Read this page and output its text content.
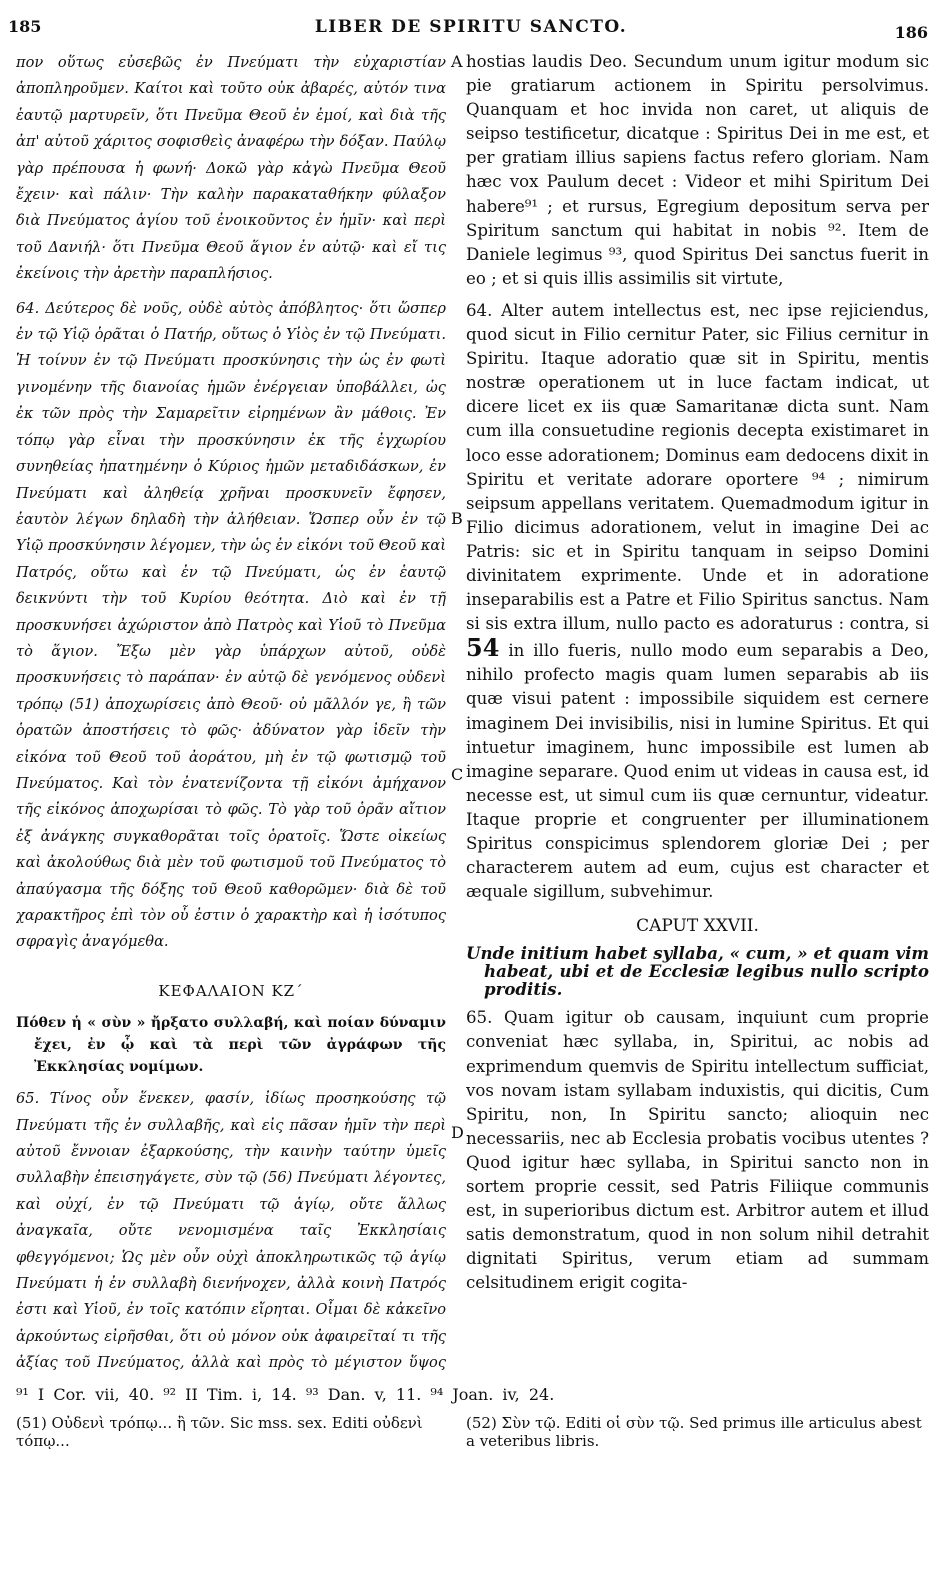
185	LIBER DE SPIRITU SANCTO.	186
A
B
C
D

πον οὕτως εὐσεβῶς ἐν Πνεύματι τὴν εὐχαριστίαν ἀποπληροῦμεν. Καίτοι καὶ τοῦτο οὐκ ἀβαρές, αὐτόν τινα ἑαυτῷ μαρτυρεῖν, ὅτι Πνεῦμα Θεοῦ ἐν ἐμοί, καὶ διὰ τῆς ἀπ' αὐτοῦ χάριτος σοφισθεὶς ἀναφέρω τὴν δόξαν. Παύλῳ γὰρ πρέπουσα ἡ φωνή· Δοκῶ γὰρ κἀγὼ Πνεῦμα Θεοῦ ἔχειν· καὶ πάλιν· Τὴν καλὴν παρακαταθήκην φύλαξον διὰ Πνεύματος ἁγίου τοῦ ἐνοικοῦντος ἐν ἡμῖν· καὶ περὶ τοῦ Δανιήλ· ὅτι Πνεῦμα Θεοῦ ἅγιον ἐν αὐτῷ· καὶ εἴ τις ἐκείνοις τὴν ἀρετὴν παραπλήσιος.

64. Δεύτερος δὲ νοῦς, οὐδὲ αὐτὸς ἀπόβλητος· ὅτι ὥσπερ ἐν τῷ Υἱῷ ὁρᾶται ὁ Πατήρ, οὕτως ὁ Υἱὸς ἐν τῷ Πνεύματι. Ἡ τοίνυν ἐν τῷ Πνεύματι προσκύνησις τὴν ὡς ἐν φωτὶ γινομένην τῆς διανοίας ἡμῶν ἐνέργειαν ὑποβάλλει, ὡς ἐκ τῶν πρὸς τὴν Σαμαρεῖτιν εἰρημένων ἂν μάθοις. Ἐν τόπῳ γὰρ εἶναι τὴν προσκύνησιν ἐκ τῆς ἐγχωρίου συνηθείας ἠπατημένην ὁ Κύριος ἡμῶν μεταδιδάσκων, ἐν Πνεύματι καὶ ἀληθείᾳ χρῆναι προσκυνεῖν ἔφησεν, ἑαυτὸν λέγων δηλαδὴ τὴν ἀλήθειαν. Ὥσπερ οὖν ἐν τῷ Υἱῷ προσκύνησιν λέγομεν, τὴν ὡς ἐν εἰκόνι τοῦ Θεοῦ καὶ Πατρός, οὕτω καὶ ἐν τῷ Πνεύματι, ὡς ἐν ἑαυτῷ δεικνύντι τὴν τοῦ Κυρίου θεότητα. Διὸ καὶ ἐν τῇ προσκυνήσει ἀχώριστον ἀπὸ Πατρὸς καὶ Υἱοῦ τὸ Πνεῦμα τὸ ἅγιον. Ἔξω μὲν γὰρ ὑπάρχων αὐτοῦ, οὐδὲ προσκυνήσεις τὸ παράπαν· ἐν αὐτῷ δὲ γενόμενος οὐδενὶ τρόπῳ (51) ἀποχωρίσεις ἀπὸ Θεοῦ· οὐ μᾶλλόν γε, ἢ τῶν ὁρατῶν ἀποστήσεις τὸ φῶς· ἀδύνατον γὰρ ἰδεῖν τὴν εἰκόνα τοῦ Θεοῦ τοῦ ἀοράτου, μὴ ἐν τῷ φωτισμῷ τοῦ Πνεύματος. Καὶ τὸν ἐνατενίζοντα τῇ εἰκόνι ἀμήχανον τῆς εἰκόνος ἀποχωρίσαι τὸ φῶς. Τὸ γὰρ τοῦ ὁρᾶν αἴτιον ἐξ ἀνάγκης συγκαθορᾶται τοῖς ὁρατοῖς. Ὥστε οἰκείως καὶ ἀκολούθως διὰ μὲν τοῦ φωτισμοῦ τοῦ Πνεύματος τὸ ἀπαύγασμα τῆς δόξης τοῦ Θεοῦ καθορῶμεν· διὰ δὲ τοῦ χαρακτῆρος ἐπὶ τὸν οὗ ἐστιν ὁ χαρακτὴρ καὶ ἡ ἰσότυπος σφραγὶς ἀναγόμεθα.

ΚΕΦΑΛΑΙΟΝ ΚΖ΄

Πόθεν ἡ « σὺν » ἤρξατο συλλαβή, καὶ ποίαν δύναμιν ἔχει, ἐν ᾧ καὶ τὰ περὶ τῶν ἀγράφων τῆς Ἐκκλησίας νομίμων.

65. Τίνος οὖν ἕνεκεν, φασίν, ἰδίως προσηκούσης τῷ Πνεύματι τῆς ἐν συλλαβῆς, καὶ εἰς πᾶσαν ἡμῖν τὴν περὶ αὐτοῦ ἔννοιαν ἐξαρκούσης, τὴν καινὴν ταύτην ὑμεῖς συλλαβὴν ἐπεισηγάγετε, σὺν τῷ (56) Πνεύματι λέγοντες, καὶ οὐχί, ἐν τῷ Πνεύματι τῷ ἁγίῳ, οὔτε ἄλλως ἀναγκαῖα, οὔτε νενομισμένα ταῖς Ἐκκλησίαις φθεγγόμενοι; Ὡς μὲν οὖν οὐχὶ ἀποκληρωτικῶς τῷ ἁγίῳ Πνεύματι ἡ ἐν συλλαβὴ διενήνοχεν, ἀλλὰ κοινὴ Πατρός ἐστι καὶ Υἱοῦ, ἐν τοῖς κατόπιν εἴρηται. Οἶμαι δὲ κἀκεῖνο ἀρκούντως εἰρῆσθαι, ὅτι οὐ μόνον οὐκ ἀφαιρεῖταί τι τῆς ἀξίας τοῦ Πνεύματος, ἀλλὰ καὶ πρὸς τὸ μέγιστον ὕψος

hostias laudis Deo. Secundum unum igitur modum sic pie gratiarum actionem in Spiritu persolvimus. Quanquam et hoc invida non caret, ut aliquis de seipso testificetur, dicatque : Spiritus Dei in me est, et per gratiam illius sapiens factus refero gloriam. Nam hæc vox Paulum decet : Videor et mihi Spiritum Dei habere⁹¹ ; et rursus, Egregium depositum serva per Spiritum sanctum qui habitat in nobis ⁹². Item de Daniele legimus ⁹³, quod Spiritus Dei sanctus fuerit in eo ; et si quis illis assimilis sit virtute,

64. Alter autem intellectus est, nec ipse rejiciendus, quod sicut in Filio cernitur Pater, sic Filius cernitur in Spiritu. Itaque adoratio quæ sit in Spiritu, mentis nostræ operationem ut in luce factam indicat, ut dicere licet ex iis quæ Samaritanæ dicta sunt. Nam cum illa consuetudine regionis decepta existimaret in loco esse adorationem; Dominus eam dedocens dixit in Spiritu et veritate adorare oportere ⁹⁴ ; nimirum seipsum appellans veritatem. Quemadmodum igitur in Filio dicimus adorationem, velut in imagine Dei ac Patris: sic et in Spiritu tanquam in seipso Domini divinitatem exprimente. Unde et in adoratione inseparabilis est a Patre et Filio Spiritus sanctus. Nam si sis extra illum, nullo pacto es adoraturus : contra, si 54 in illo fueris, nullo modo eum separabis a Deo, nihilo profecto magis quam lumen separabis ab iis quæ visui patent : impossibile siquidem est cernere imaginem Dei invisibilis, nisi in lumine Spiritus. Et qui intuetur imaginem, hunc impossibile est lumen ab imagine separare. Quod enim ut videas in causa est, id necesse est, ut simul cum iis quæ cernuntur, videatur. Itaque proprie et congruenter per illuminationem Spiritus conspicimus splendorem gloriæ Dei ; per characterem autem ad eum, cujus est character et æquale sigillum, subvehimur.

CAPUT XXVII.

Unde initium habet syllaba, « cum, » et quam vim habeat, ubi et de Ecclesiæ legibus nullo scripto proditis.

65. Quam igitur ob causam, inquiunt cum proprie conveniat hæc syllaba, in, Spiritui, ac nobis ad exprimendum quemvis de Spiritu intellectum sufficiat, vos novam istam syllabam induxistis, qui dicitis, Cum Spiritu, non, In Spiritu sancto; alioquin nec necessariis, nec ab Ecclesia probatis vocibus utentes ? Quod igitur hæc syllaba, in Spiritui sancto non in sortem proprie cessit, sed Patris Filiique communis est, in superioribus dictum est. Arbitror autem et illud satis demonstratum, quod in non solum nihil detrahit dignitati Spiritus, verum etiam ad summam celsitudinem erigit cogita-

⁹¹ I Cor. vii, 40. ⁹² II Tim. i, 14. ⁹³ Dan. v, 11. ⁹⁴ Joan. iv, 24.
(51) Οὐδενὶ τρόπῳ... ἢ τῶν. Sic mss. sex. Editi οὐδενὶ τόπῳ...
(52) Σὺν τῷ. Editi οἱ σὺν τῷ. Sed primus ille articulus abest a veteribus libris.
